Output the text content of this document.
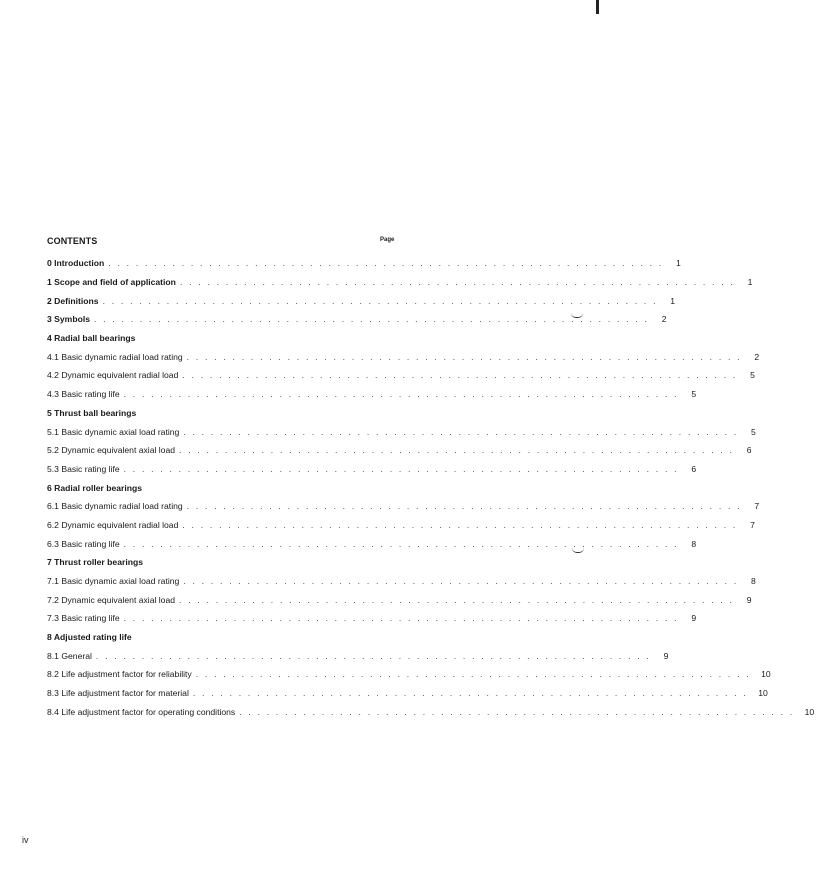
CONTENTS	Page
0 Introduction . . . . . . . . . . . . . . . . . . . . . . . . . . . . . . . . . . . . . . . . . . . . . . . . . . . . . . . . . . . . .	1
1 Scope and field of application . . . . . . . . . . . . . . . . . . . . . . . . . . . . . . . . . . . . . . . . . . . . . . . . . . . . . . . . . . . . .	1
2 Definitions . . . . . . . . . . . . . . . . . . . . . . . . . . . . . . . . . . . . . . . . . . . . . . . . . . . . . . . . . . . . .	1
3 Symbols . . . . . . . . . . . . . . . . . . . . . . . . . . . . . . . . . . . . . . . . . . . . . . . . . . . . . . . . . . . . .	2
4 Radial ball bearings
4.1 Basic dynamic radial load rating . . . . . . . . . . . . . . . . . . . . . . . . . . . . . . . . . . . . . . . . . . . . . . . . . . . . . . . . . . . . .	2
4.2 Dynamic equivalent radial load . . . . . . . . . . . . . . . . . . . . . . . . . . . . . . . . . . . . . . . . . . . . . . . . . . . . . . . . . . . . .	5
4.3 Basic rating life . . . . . . . . . . . . . . . . . . . . . . . . . . . . . . . . . . . . . . . . . . . . . . . . . . . . . . . . . . . . .	5
5 Thrust ball bearings
5.1 Basic dynamic axial load rating . . . . . . . . . . . . . . . . . . . . . . . . . . . . . . . . . . . . . . . . . . . . . . . . . . . . . . . . . . . . .	5
5.2 Dynamic equivalent axial load . . . . . . . . . . . . . . . . . . . . . . . . . . . . . . . . . . . . . . . . . . . . . . . . . . . . . . . . . . . . .	6
5.3 Basic rating life . . . . . . . . . . . . . . . . . . . . . . . . . . . . . . . . . . . . . . . . . . . . . . . . . . . . . . . . . . . . .	6
6 Radial roller bearings
6.1 Basic dynamic radial load rating . . . . . . . . . . . . . . . . . . . . . . . . . . . . . . . . . . . . . . . . . . . . . . . . . . . . . . . . . . . . .	7
6.2 Dynamic equivalent radial load . . . . . . . . . . . . . . . . . . . . . . . . . . . . . . . . . . . . . . . . . . . . . . . . . . . . . . . . . . . . .	7
6.3 Basic rating life . . . . . . . . . . . . . . . . . . . . . . . . . . . . . . . . . . . . . . . . . . . . . . . . . . . . . . . . . . . . .	8
7 Thrust roller bearings
7.1 Basic dynamic axial load rating . . . . . . . . . . . . . . . . . . . . . . . . . . . . . . . . . . . . . . . . . . . . . . . . . . . . . . . . . . . . .	8
7.2 Dynamic equivalent axial load . . . . . . . . . . . . . . . . . . . . . . . . . . . . . . . . . . . . . . . . . . . . . . . . . . . . . . . . . . . . .	9
7.3 Basic rating life . . . . . . . . . . . . . . . . . . . . . . . . . . . . . . . . . . . . . . . . . . . . . . . . . . . . . . . . . . . . .	9
8 Adjusted rating life
8.1 General . . . . . . . . . . . . . . . . . . . . . . . . . . . . . . . . . . . . . . . . . . . . . . . . . . . . . . . . . . . . .	9
8.2 Life adjustment factor for reliability . . . . . . . . . . . . . . . . . . . . . . . . . . . . . . . . . . . . . . . . . . . . . . . . . . . . . . . . . . . . .	10
8.3 Life adjustment factor for material . . . . . . . . . . . . . . . . . . . . . . . . . . . . . . . . . . . . . . . . . . . . . . . . . . . . . . . . . . . . .	10
8.4 Life adjustment factor for operating conditions . . . . . . . . . . . . . . . . . . . . . . . . . . . . . . . . . . . . . . . . . . . . . . . . . . . . . . . . . . . . .	10
iv
